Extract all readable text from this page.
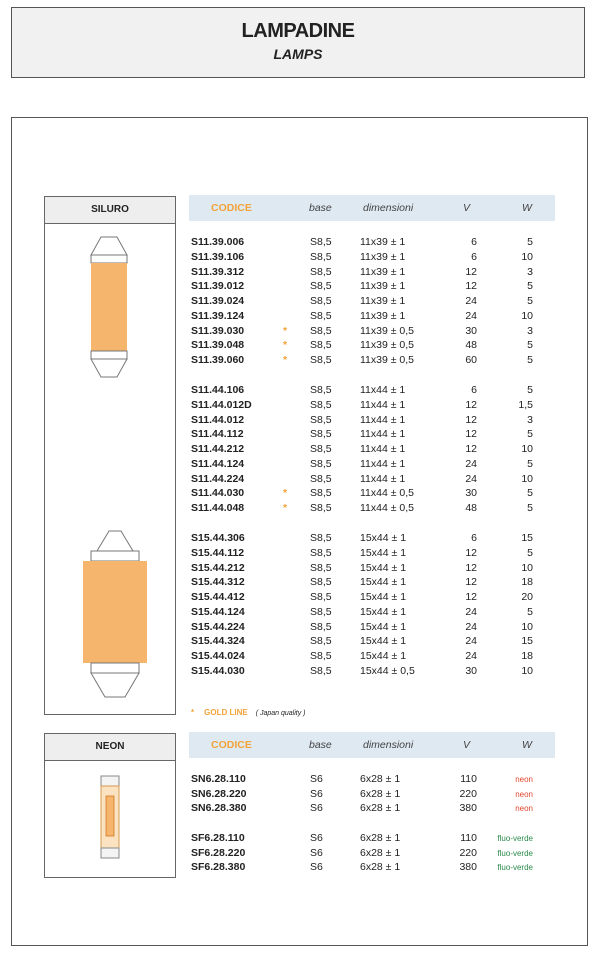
LAMPADINE
LAMPS
SILURO
NEON
CODICE	base	dimensioni	V	W
S11.39.006	S8,5	11x39 ± 1	6	5
S11.39.106	S8,5	11x39 ± 1	6	10
S11.39.312	S8,5	11x39 ± 1	12	3
S11.39.012	S8,5	11x39 ± 1	12	5
S11.39.024	S8,5	11x39 ± 1	24	5
S11.39.124	S8,5	11x39 ± 1	24	10
S11.39.030	* S8,5	11x39 ± 0,5	30	3
S11.39.048	* S8,5	11x39 ± 0,5	48	5
S11.39.060	* S8,5	11x39 ± 0,5	60	5
S11.44.106	S8,5	11x44 ± 1	6	5
S11.44.012D	S8,5	11x44 ± 1	12	1,5
S11.44.012	S8,5	11x44 ± 1	12	3
S11.44.112	S8,5	11x44 ± 1	12	5
S11.44.212	S8,5	11x44 ± 1	12	10
S11.44.124	S8,5	11x44 ± 1	24	5
S11.44.224	S8,5	11x44 ± 1	24	10
S11.44.030	* S8,5	11x44 ± 0,5	30	5
S11.44.048	* S8,5	11x44 ± 0,5	48	5
S15.44.306	S8,5	15x44 ± 1	6	15
S15.44.112	S8,5	15x44 ± 1	12	5
S15.44.212	S8,5	15x44 ± 1	12	10
S15.44.312	S8,5	15x44 ± 1	12	18
S15.44.412	S8,5	15x44 ± 1	12	20
S15.44.124	S8,5	15x44 ± 1	24	5
S15.44.224	S8,5	15x44 ± 1	24	10
S15.44.324	S8,5	15x44 ± 1	24	15
S15.44.024	S8,5	15x44 ± 1	24	18
S15.44.030	S8,5	15x44 ± 0,5	30	10
* GOLD LINE ( Japan quality )
CODICE	base	dimensioni	V	W
SN6.28.110	S6	6x28 ± 1	110	neon
SN6.28.220	S6	6x28 ± 1	220	neon
SN6.28.380	S6	6x28 ± 1	380	neon
SF6.28.110	S6	6x28 ± 1	110	fluo-verde
SF6.28.220	S6	6x28 ± 1	220	fluo-verde
SF6.28.380	S6	6x28 ± 1	380	fluo-verde
